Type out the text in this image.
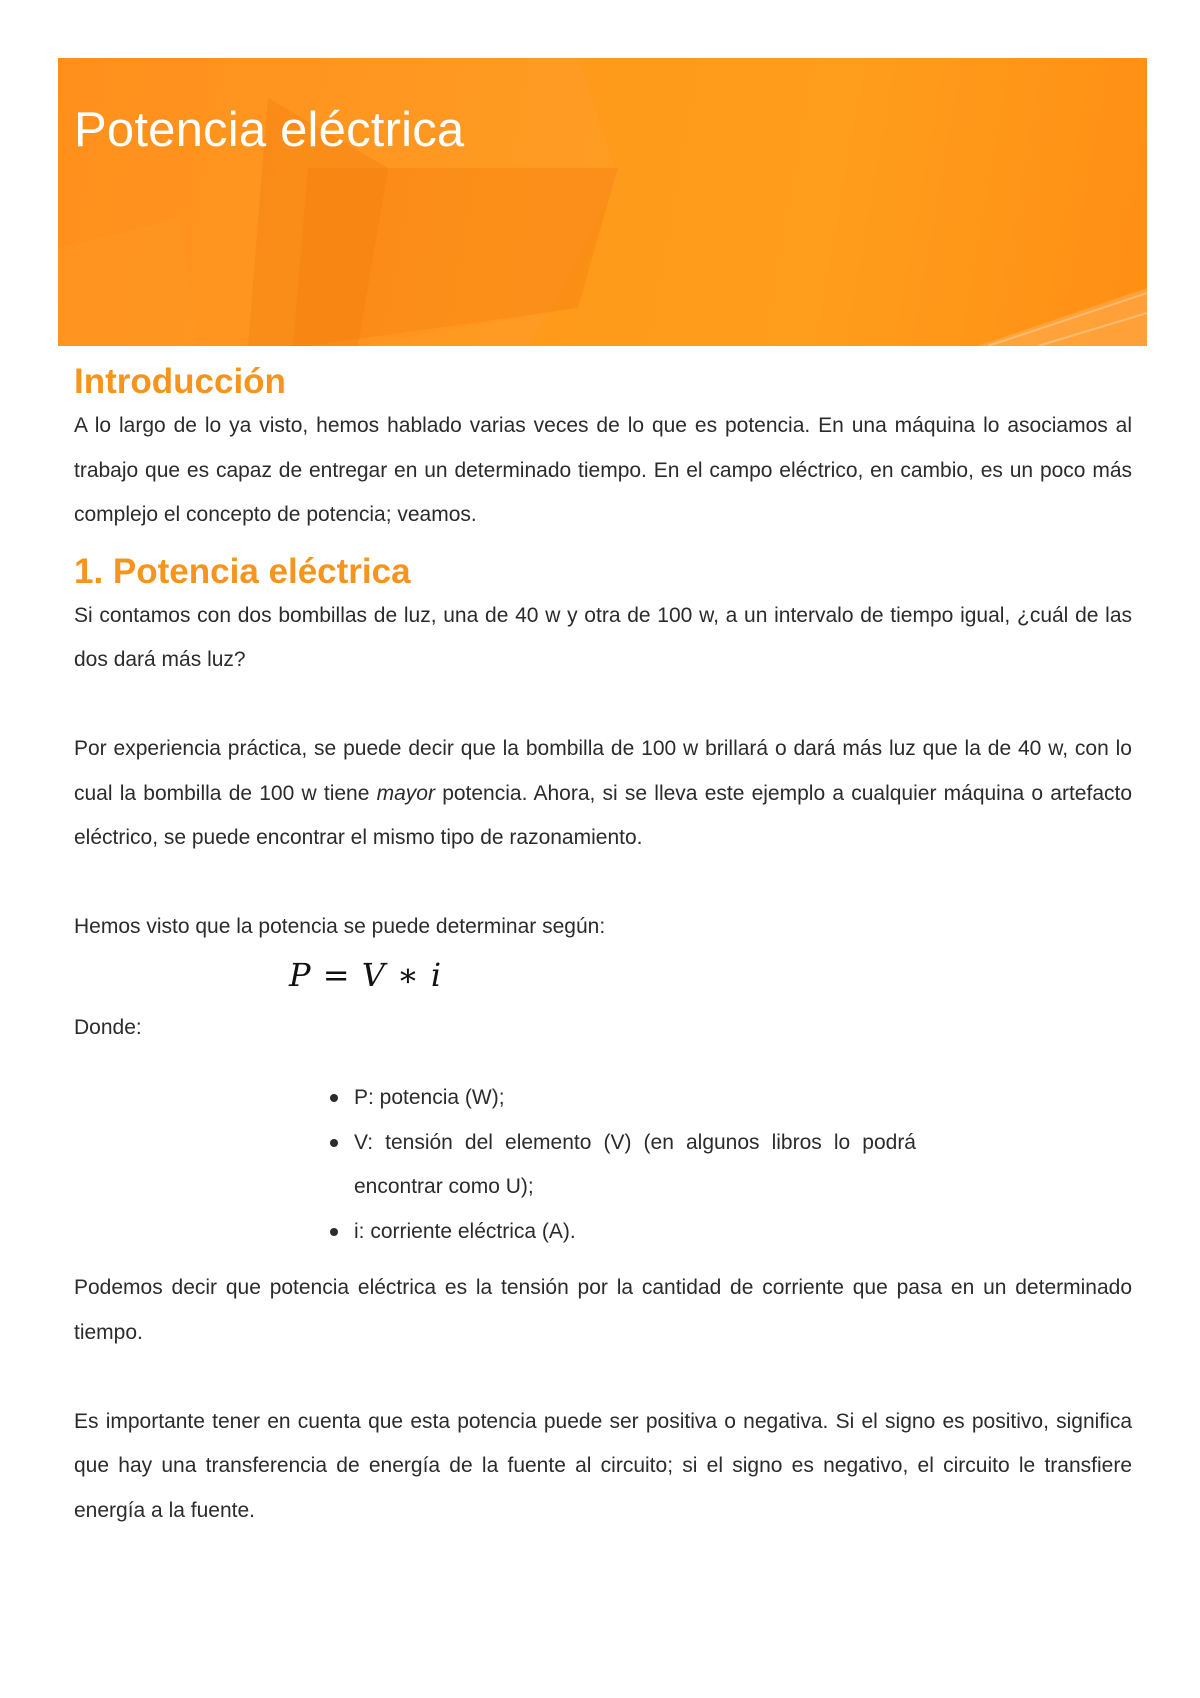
Potencia eléctrica
Introducción

A lo largo de lo ya visto, hemos hablado varias veces de lo que es potencia. En una máquina lo asociamos al trabajo que es capaz de entregar en un determinado tiempo. En el campo eléctrico, en cambio, es un poco más complejo el concepto de potencia; veamos.

1. Potencia eléctrica

Si contamos con dos bombillas de luz, una de 40 w y otra de 100 w, a un intervalo de tiempo igual, ¿cuál de las dos dará más luz?

Por experiencia práctica, se puede decir que la bombilla de 100 w brillará o dará más luz que la de 40 w, con lo cual la bombilla de 100 w tiene mayor potencia. Ahora, si se lleva este ejemplo a cualquier máquina o artefacto eléctrico, se puede encontrar el mismo tipo de razonamiento.

Hemos visto que la potencia se puede determinar según:

P = V ∗ i

Donde:

P: potencia (W);
V: tensión del elemento (V) (en algunos libros lo podrá encontrar como U);
i: corriente eléctrica (A).

Podemos decir que potencia eléctrica es la tensión por la cantidad de corriente que pasa en un determinado tiempo.

Es importante tener en cuenta que esta potencia puede ser positiva o negativa. Si el signo es positivo, significa que hay una transferencia de energía de la fuente al circuito; si el signo es negativo, el circuito le transfiere energía a la fuente.
